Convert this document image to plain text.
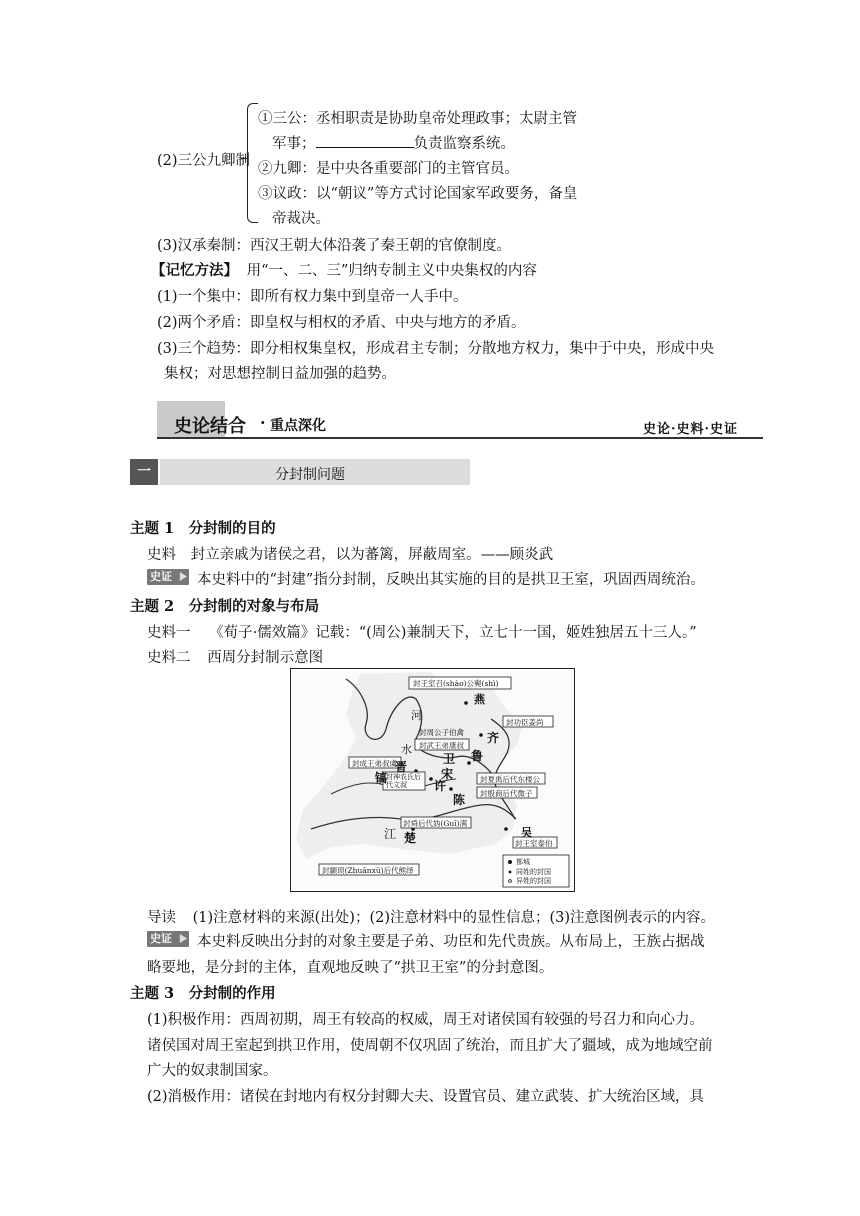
(2)三公九卿制
①三公：丞相职责是协助皇帝处理政事；太尉主管
军事；	负责监察系统。
②九卿：是中央各重要部门的主管官员。
③议政：以“朝议”等方式讨论国家军政要务，备皇
帝裁决。
(3)汉承秦制：西汉王朝大体沿袭了秦王朝的官僚制度。
【记忆方法】 用“一、二、三”归纳专制主义中央集权的内容
(1)一个集中：即所有权力集中到皇帝一人手中。
(2)两个矛盾：即皇权与相权的矛盾、中央与地方的矛盾。
(3)三个趋势：即分相权集皇权，形成君主专制；分散地方权力，集中于中央，形成中央
集权；对思想控制日益加强的趋势。
史论结合 · 重点深化	史论·史料·史证
一	分封制问题
主题 1　分封制的目的
史料 封立亲戚为诸侯之君，以为蕃篱，屏蔽周室。——顾炎武
史证	本史料中的“封建”指分封制，反映出其实施的目的是拱卫王室，巩固西周统治。
主题 2　分封制的对象与布局
史料一 《荀子·儒效篇》记载：“(周公)兼制天下，立七十一国，姬姓独居五十三人。”
史料二 西周分封制示意图
封王室召(shào)公奭(shì)
燕
河
封周公子伯禽
封功臣姜尚
封武王弟康叔
水
齐
鲁
卫
封成王弟叔虞
晋	宋	封夏禹后代东楼公
封神农氏后代文叔	许
封殷商后代微子
陈
镐
封舜后代妫(Guī)满
江 楚	吴
封王室泰伯
封颛顼(Zhuānxū)后代熊绎
都城
同姓的封国
异姓的封国
导读 (1)注意材料的来源(出处)；(2)注意材料中的显性信息；(3)注意图例表示的内容。
史证	本史料反映出分封的对象主要是子弟、功臣和先代贵族。从布局上，王族占据战
略要地，是分封的主体，直观地反映了“拱卫王室”的分封意图。
主题 3　分封制的作用
(1)积极作用：西周初期，周王有较高的权威，周王对诸侯国有较强的号召力和向心力。
诸侯国对周王室起到拱卫作用，使周朝不仅巩固了统治，而且扩大了疆域，成为地域空前
广大的奴隶制国家。
(2)消极作用：诸侯在封地内有权分封卿大夫、设置官员、建立武装、扩大统治区域，具
